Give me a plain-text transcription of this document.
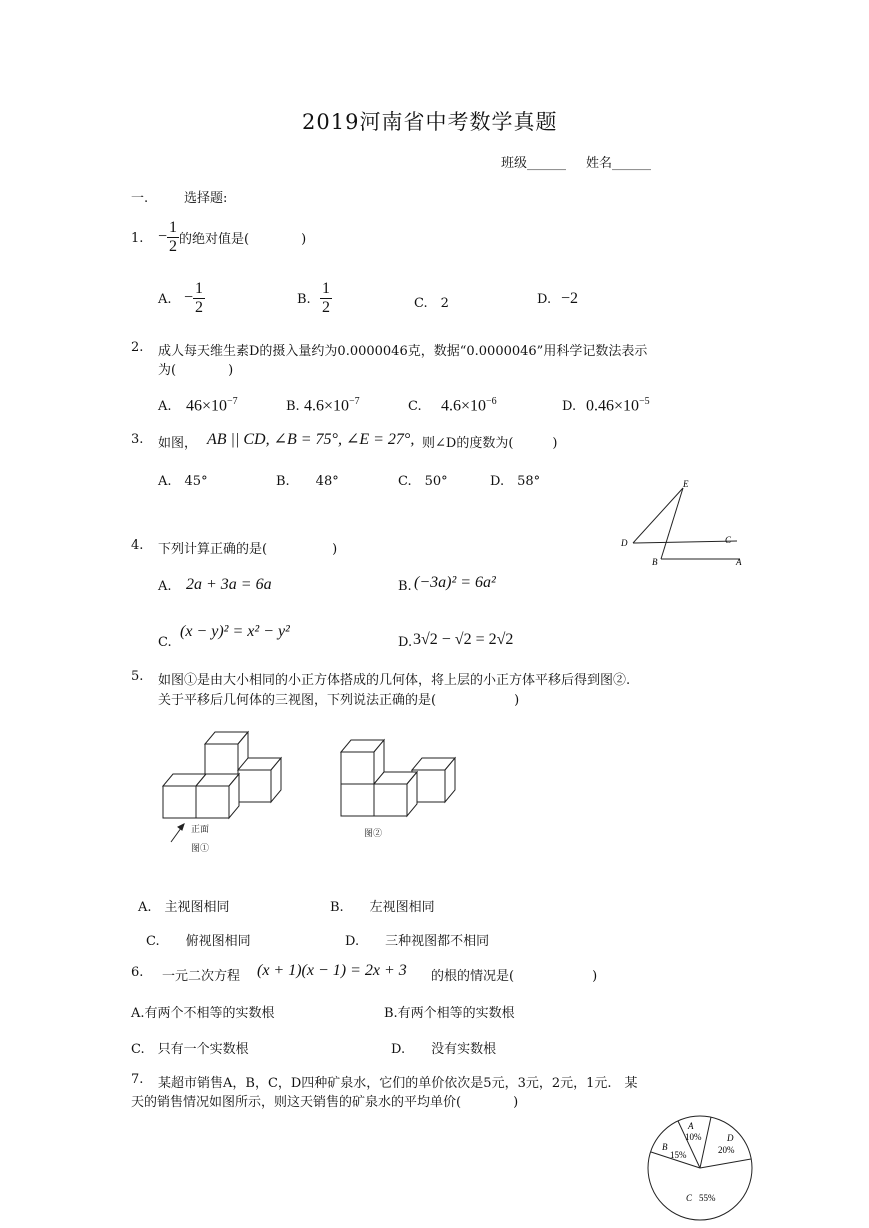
2019河南省中考数学真题
班级______ 姓名______
一.	选择题:
1. − $\frac{1}{2}$ 的绝对值是(　　　　)
A. − $\frac{1}{2}$	B. $\frac{1}{2}$	C.　2	D. −2
2. 成人每天维生素D的摄入量约为0.0000046克，数据“0.0000046”用科学记数法表示
为(　　　　)
A. $46\times 10^{-7}$	B. $4.6\times 10^{-7}$	C. $4.6\times 10^{-6}$	D. $0.46\times 10^{-5}$
3. 如图， AB || CD, ∠B = 75°, ∠E = 27°, 则∠D的度数为(　　　)
A.　45°	B.　　48°	C.　50°	D.　58°	E
D	C
B	A
4. 下列计算正确的是(　　　　　)
A. 2a + 3a = 6a	B. (−3a)² = 6a²
C.
(x − y)² = x² − y²
D. 3√2 − √2 = 2√2
5. 如图①是由大小相同的小正方体搭成的几何体，将上层的小正方体平移后得到图②.
关于平移后几何体的三视图，下列说法正确的是(　　　　　　)
正面
图①
图②
A.　主视图相同	B.　　左视图相同
C.　　俯视图相同	D.　　三种视图都不相同
6. 一元二次方程 (x + 1)(x − 1) = 2x + 3 的根的情况是(　　　　　　)
A.有两个不相等的实数根	B.有两个相等的实数根
C.　只有一个实数根	D.　　没有实数根
7. 某超市销售A，B，C，D四种矿泉水，它们的单价依次是5元，3元，2元，1元.　某
天的销售情况如图所示，则这天销售的矿泉水的平均单价(　　　　)
A
10%
B
15%
D
20%
C 55%
